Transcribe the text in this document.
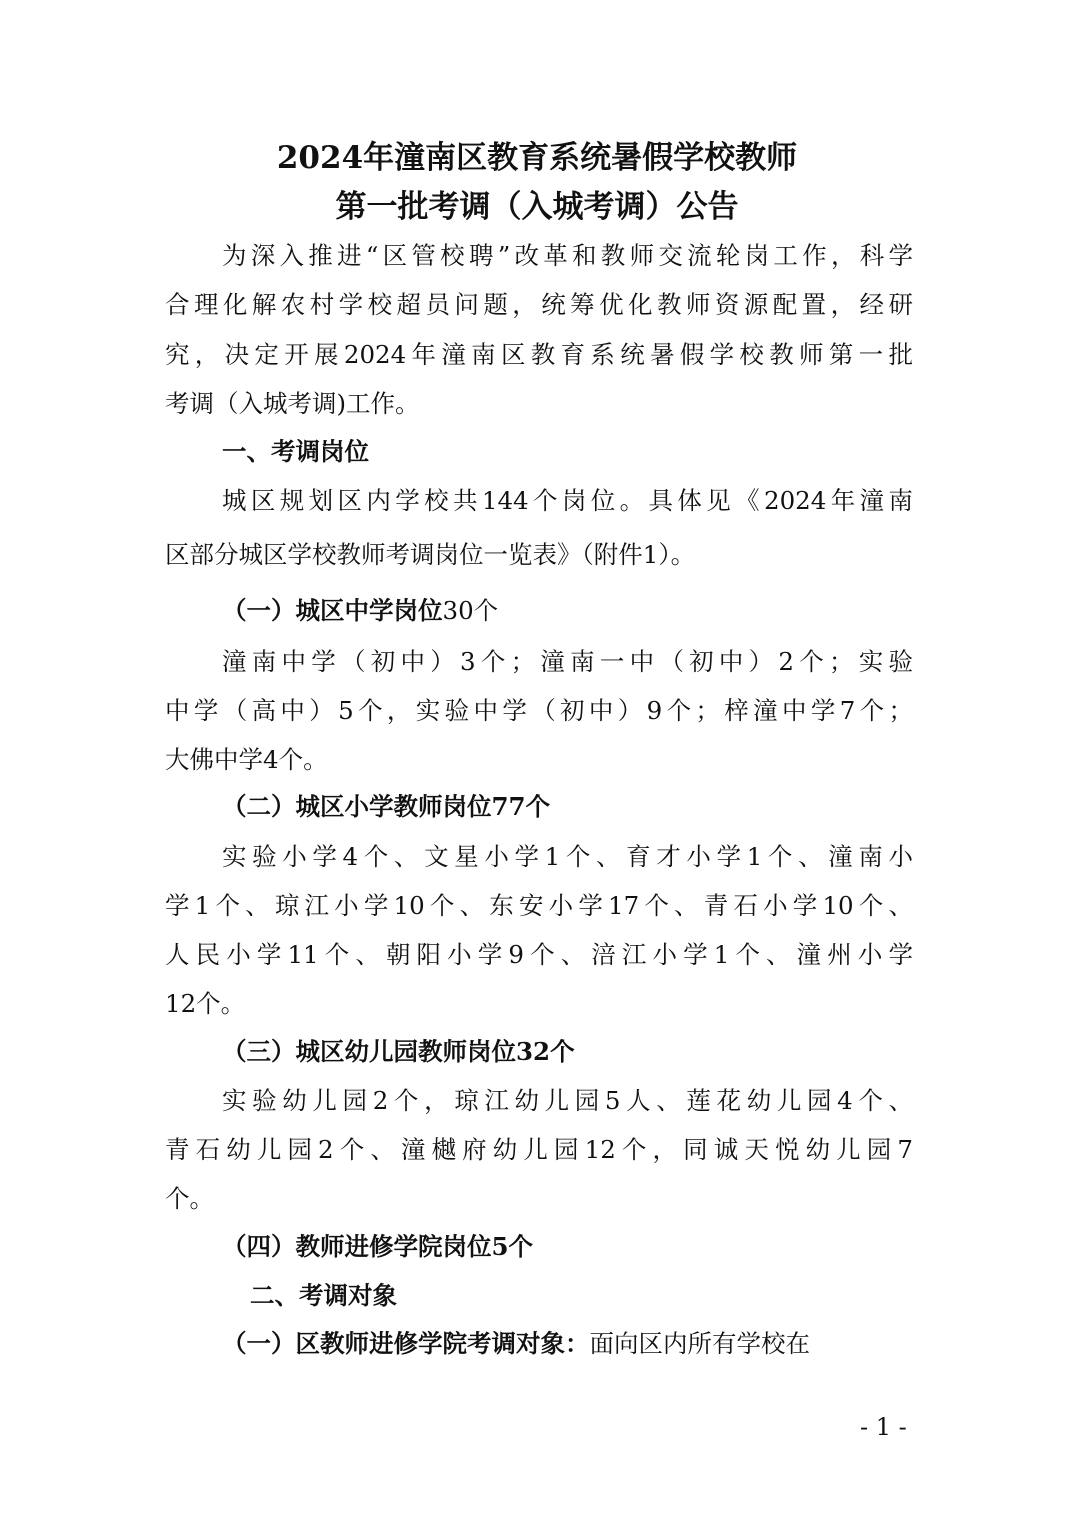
2024年潼南区教育系统暑假学校教师
第一批考调（入城考调）公告
为深入推进“区管校聘”改革和教师交流轮岗工作，科学
合理化解农村学校超员问题，统筹优化教师资源配置，经研
究，决定开展2024年潼南区教育系统暑假学校教师第一批
考调（入城考调)工作。
一、考调岗位
城区规划区内学校共144个岗位。具体见《2024年潼南
区部分城区学校教师考调岗位一览表》（附件1）。
（一）城区中学岗位30个
潼南中学（初中）3个；潼南一中（初中）2个；实验
中学（高中）5个，实验中学（初中）9个；梓潼中学7个；
大佛中学4个。
（二）城区小学教师岗位77个
实验小学4个、文星小学1个、育才小学1个、潼南小
学1个、琼江小学10个、东安小学17个、青石小学10个、
人民小学11个、朝阳小学9个、涪江小学1个、潼州小学
12个。
（三）城区幼儿园教师岗位32个
实验幼儿园2个，琼江幼儿园5人、莲花幼儿园4个、
青石幼儿园2个、潼樾府幼儿园12个，同诚天悦幼儿园7
个。
（四）教师进修学院岗位5个
二、考调对象
（一）区教师进修学院考调对象：面向区内所有学校在
- 1 -
